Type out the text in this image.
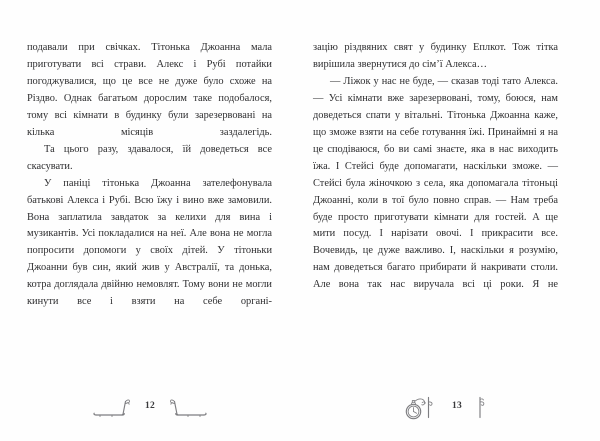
подавали при свічках. Тітонька Джоанна мала приготувати всі страви. Алекс і Рубі потайки погоджувалися, що це все не дуже було схоже на Різдво. Однак багатьом дорослим таке подобалося, тому всі кімнати в будинку були зарезервовані на кілька місяців заздалегідь.

Та цього разу, здавалося, їй доведеться все скасувати.

У паніці тітонька Джоанна зателефонувала батькові Алекса і Рубі. Всю їжу і вино вже замовили. Вона заплатила завдаток за келихи для вина і музикантів. Усі покладалися на неї. Але вона не могла попросити допомоги у своїх дітей. У тітоньки Джоанни був син, який жив у Австралії, та донька, котра доглядала двійню немовлят. Тому вони не могли кинути все і взяти на себе органі-

12

зацію різдвяних свят у будинку Еплкот. Тож тітка вирішила звернутися до сім’ї Алекса…

— Ліжок у нас не буде, — сказав тоді тато Алекса. — Усі кімнати вже зарезервовані, тому, боюся, нам доведеться спати у вітальні. Тітонька Джоанна каже, що зможе взяти на себе готування їжі. Принаймні я на це сподіваюся, бо ви самі знаєте, яка в нас виходить їжа. І Стейсі буде допомагати, наскільки зможе. — Стейсі була жіночкою з села, яка допомагала тітоньці Джоанні, коли в тої було повно справ. — Нам треба буде просто приготувати кімнати для гостей. А ще мити посуд. І нарізати овочі. І прикрасити все. Вочевидь, це дуже важливо. І, наскільки я розумію, нам доведеться багато прибирати й накривати столи. Але вона так нас виручала всі ці роки. Я не

13
